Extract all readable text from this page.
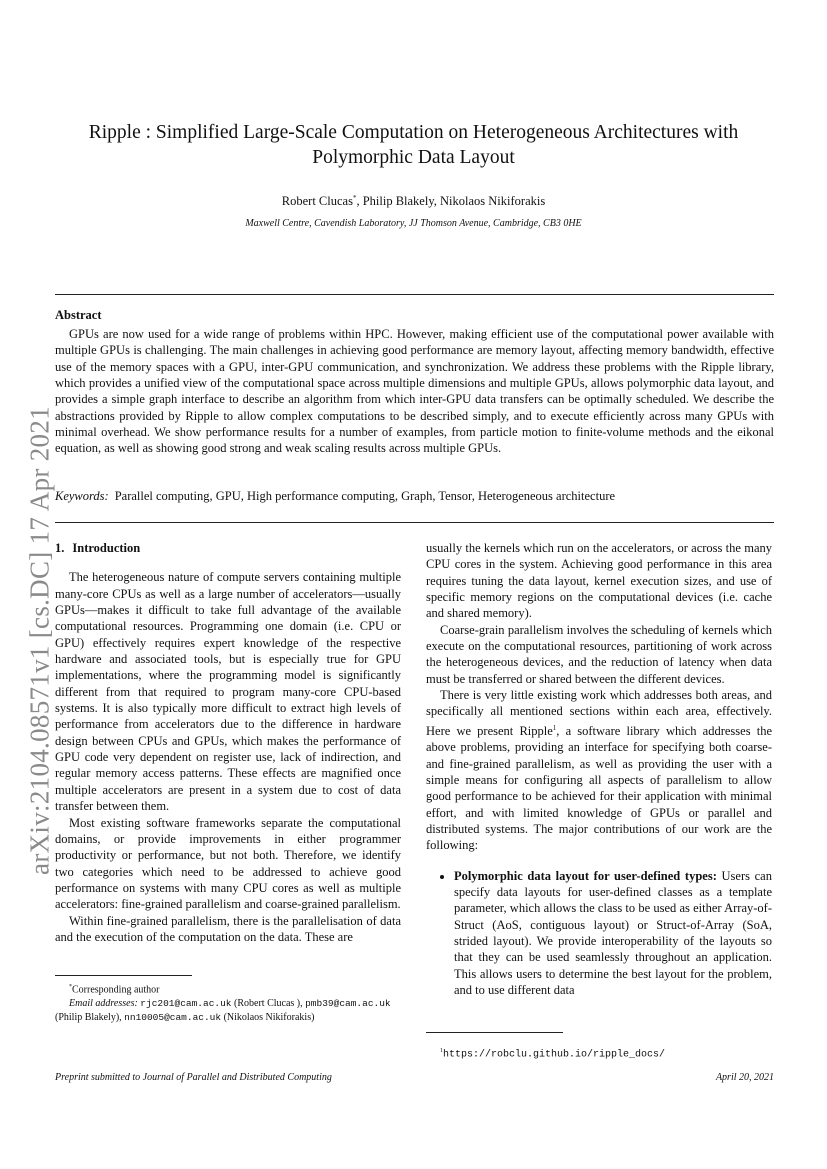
arXiv:2104.08571v1 [cs.DC] 17 Apr 2021
Ripple : Simplified Large-Scale Computation on Heterogeneous Architectures with
Polymorphic Data Layout
Robert Clucas*, Philip Blakely, Nikolaos Nikiforakis
Maxwell Centre, Cavendish Laboratory, JJ Thomson Avenue, Cambridge, CB3 0HE
Abstract

GPUs are now used for a wide range of problems within HPC. However, making efficient use of the computational power available with multiple GPUs is challenging. The main challenges in achieving good performance are memory layout, affecting memory bandwidth, effective use of the memory spaces with a GPU, inter-GPU communication, and synchronization. We address these problems with the Ripple library, which provides a unified view of the computational space across multiple dimensions and multiple GPUs, allows polymorphic data layout, and provides a simple graph interface to describe an algorithm from which inter-GPU data transfers can be optimally scheduled. We describe the abstractions provided by Ripple to allow complex computations to be described simply, and to execute efficiently across many GPUs with minimal overhead. We show performance results for a number of examples, from particle motion to finite-volume methods and the eikonal equation, as well as showing good strong and weak scaling results across multiple GPUs.

Keywords: Parallel computing, GPU, High performance computing, Graph, Tensor, Heterogeneous architecture
1. Introduction

The heterogeneous nature of compute servers containing multiple many-core CPUs as well as a large number of accelerators—usually GPUs—makes it difficult to take full advantage of the available computational resources. Programming one domain (i.e. CPU or GPU) effectively requires expert knowledge of the respective hardware and associated tools, but is especially true for GPU implementations, where the programming model is significantly different from that required to program many-core CPU-based systems. It is also typically more difficult to extract high levels of performance from accelerators due to the difference in hardware design between CPUs and GPUs, which makes the performance of GPU code very dependent on register use, lack of indirection, and regular memory access patterns. These effects are magnified once multiple accelerators are present in a system due to cost of data transfer between them.

Most existing software frameworks separate the computational domains, or provide improvements in either programmer productivity or performance, but not both. Therefore, we identify two categories which need to be addressed to achieve good performance on systems with many CPU cores as well as multiple accelerators: fine-grained parallelism and coarse-grained parallelism.

Within fine-grained parallelism, there is the parallelisation of data and the execution of the computation on the data. These are

usually the kernels which run on the accelerators, or across the many CPU cores in the system. Achieving good performance in this area requires tuning the data layout, kernel execution sizes, and use of specific memory regions on the computational devices (i.e. cache and shared memory).

Coarse-grain parallelism involves the scheduling of kernels which execute on the computational resources, partitioning of work across the heterogeneous devices, and the reduction of latency when data must be transferred or shared between the different devices.

There is very little existing work which addresses both areas, and specifically all mentioned sections within each area, effectively. Here we present Ripple$^1$, a software library which addresses the above problems, providing an interface for specifying both coarse- and fine-grained parallelism, as well as providing the user with a simple means for configuring all aspects of parallelism to allow good performance to be achieved for their application with minimal effort, and with limited knowledge of GPUs or parallel and distributed systems. The major contributions of our work are the following:

• Polymorphic data layout for user-defined types: Users can specify data layouts for user-defined classes as a template parameter, which allows the class to be used as either Array-of-Struct (AoS, contiguous layout) or Struct-of-Array (SoA, strided layout). We provide interoperability of the layouts so that they can be used seamlessly throughout an application. This allows users to determine the best layout for the problem, and to use different data
*Corresponding author
Email addresses: rjc201@cam.ac.uk (Robert Clucas ), pmb39@cam.ac.uk (Philip Blakely), nn10005@cam.ac.uk (Nikolaos Nikiforakis)
$^1$https://robclu.github.io/ripple_docs/
Preprint submitted to Journal of Parallel and Distributed Computing	April 20, 2021
